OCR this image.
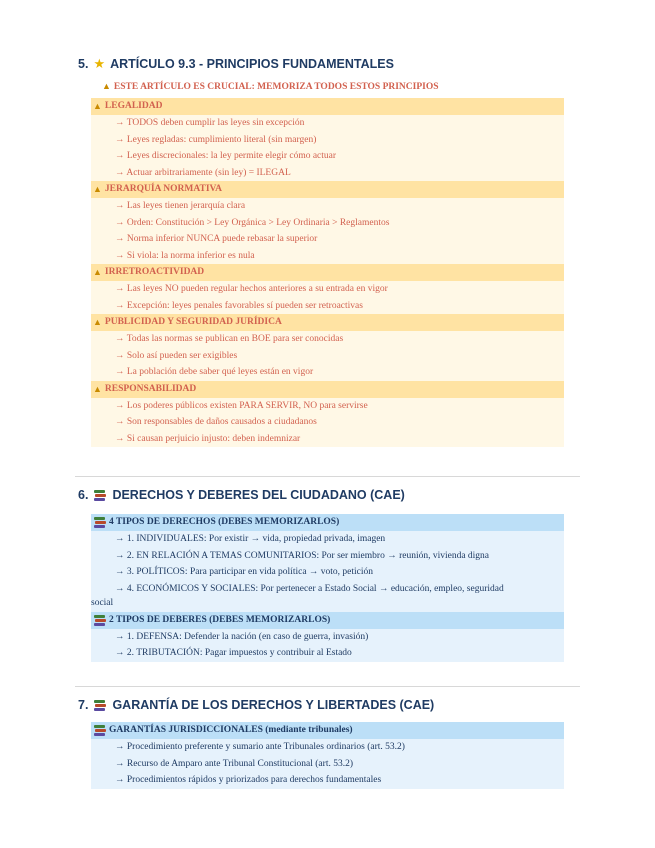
5. ★ ARTÍCULO 9.3 - PRINCIPIOS FUNDAMENTALES
▲ ESTE ARTÍCULO ES CRUCIAL: MEMORIZA TODOS ESTOS PRINCIPIOS
▲ LEGALIDAD
→ TODOS deben cumplir las leyes sin excepción
→ Leyes regladas: cumplimiento literal (sin margen)
→ Leyes discrecionales: la ley permite elegir cómo actuar
→ Actuar arbitrariamente (sin ley) = ILEGAL
▲ JERARQUÍA NORMATIVA
→ Las leyes tienen jerarquía clara
→ Orden: Constitución > Ley Orgánica > Ley Ordinaria > Reglamentos
→ Norma inferior NUNCA puede rebasar la superior
→ Si viola: la norma inferior es nula
▲ IRRETROACTIVIDAD
→ Las leyes NO pueden regular hechos anteriores a su entrada en vigor
→ Excepción: leyes penales favorables sí pueden ser retroactivas
▲ PUBLICIDAD Y SEGURIDAD JURÍDICA
→ Todas las normas se publican en BOE para ser conocidas
→ Solo así pueden ser exigibles
→ La población debe saber qué leyes están en vigor
▲ RESPONSABILIDAD
→ Los poderes públicos existen PARA SERVIR, NO para servirse
→ Son responsables de daños causados a ciudadanos
→ Si causan perjuicio injusto: deben indemnizar
6. DERECHOS Y DEBERES DEL CIUDADANO (CAE)
4 TIPOS DE DERECHOS (DEBES MEMORIZARLOS)
→ 1. INDIVIDUALES: Por existir → vida, propiedad privada, imagen
→ 2. EN RELACIÓN A TEMAS COMUNITARIOS: Por ser miembro → reunión, vivienda digna
→ 3. POLÍTICOS: Para participar en vida política → voto, petición
→ 4. ECONÓMICOS Y SOCIALES: Por pertenecer a Estado Social → educación, empleo, seguridad
social
2 TIPOS DE DEBERES (DEBES MEMORIZARLOS)
→ 1. DEFENSA: Defender la nación (en caso de guerra, invasión)
→ 2. TRIBUTACIÓN: Pagar impuestos y contribuir al Estado
7. GARANTÍA DE LOS DERECHOS Y LIBERTADES (CAE)
GARANTÍAS JURISDICCIONALES (mediante tribunales)
→ Procedimiento preferente y sumario ante Tribunales ordinarios (art. 53.2)
→ Recurso de Amparo ante Tribunal Constitucional (art. 53.2)
→ Procedimientos rápidos y priorizados para derechos fundamentales
